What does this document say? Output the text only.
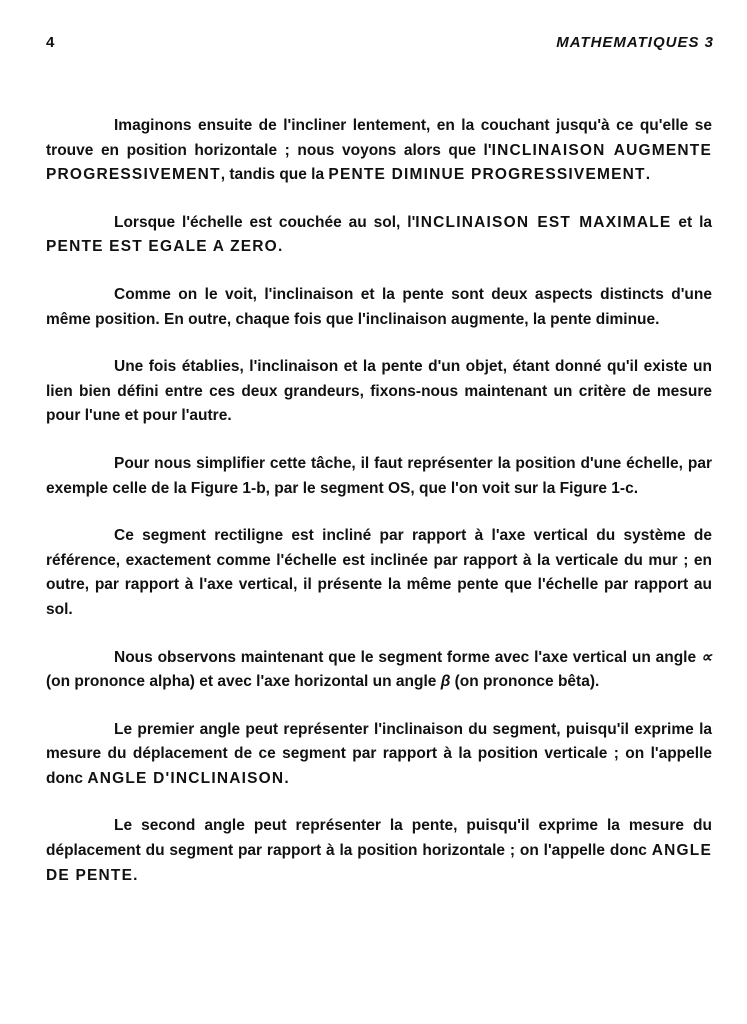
4	MATHEMATIQUES 3

Imaginons ensuite de l'incliner lentement, en la couchant jusqu'à ce qu'elle se trouve en position horizontale ; nous voyons alors que l'INCLINAISON AUGMENTE PROGRESSIVEMENT, tandis que la PENTE DIMINUE PROGRESSIVEMENT.

Lorsque l'échelle est couchée au sol, l'INCLINAISON EST MAXIMALE et la PENTE EST EGALE A ZERO.

Comme on le voit, l'inclinaison et la pente sont deux aspects distincts d'une même position. En outre, chaque fois que l'inclinaison augmente, la pente diminue.

Une fois établies, l'inclinaison et la pente d'un objet, étant donné qu'il existe un lien bien défini entre ces deux grandeurs, fixons-nous maintenant un critère de mesure pour l'une et pour l'autre.

Pour nous simplifier cette tâche, il faut représenter la position d'une échelle, par exemple celle de la Figure 1-b, par le segment OS, que l'on voit sur la Figure 1-c.

Ce segment rectiligne est incliné par rapport à l'axe vertical du système de référence, exactement comme l'échelle est inclinée par rapport à la verticale du mur ; en outre, par rapport à l'axe vertical, il présente la même pente que l'échelle par rapport au sol.

Nous observons maintenant que le segment forme avec l'axe vertical un angle ∝ (on prononce alpha) et avec l'axe horizontal un angle β (on prononce bêta).

Le premier angle peut représenter l'inclinaison du segment, puisqu'il exprime la mesure du déplacement de ce segment par rapport à la position verticale ; on l'appelle donc ANGLE D'INCLINAISON.

Le second angle peut représenter la pente, puisqu'il exprime la mesure du déplacement du segment par rapport à la position horizontale ; on l'appelle donc ANGLE DE PENTE.
